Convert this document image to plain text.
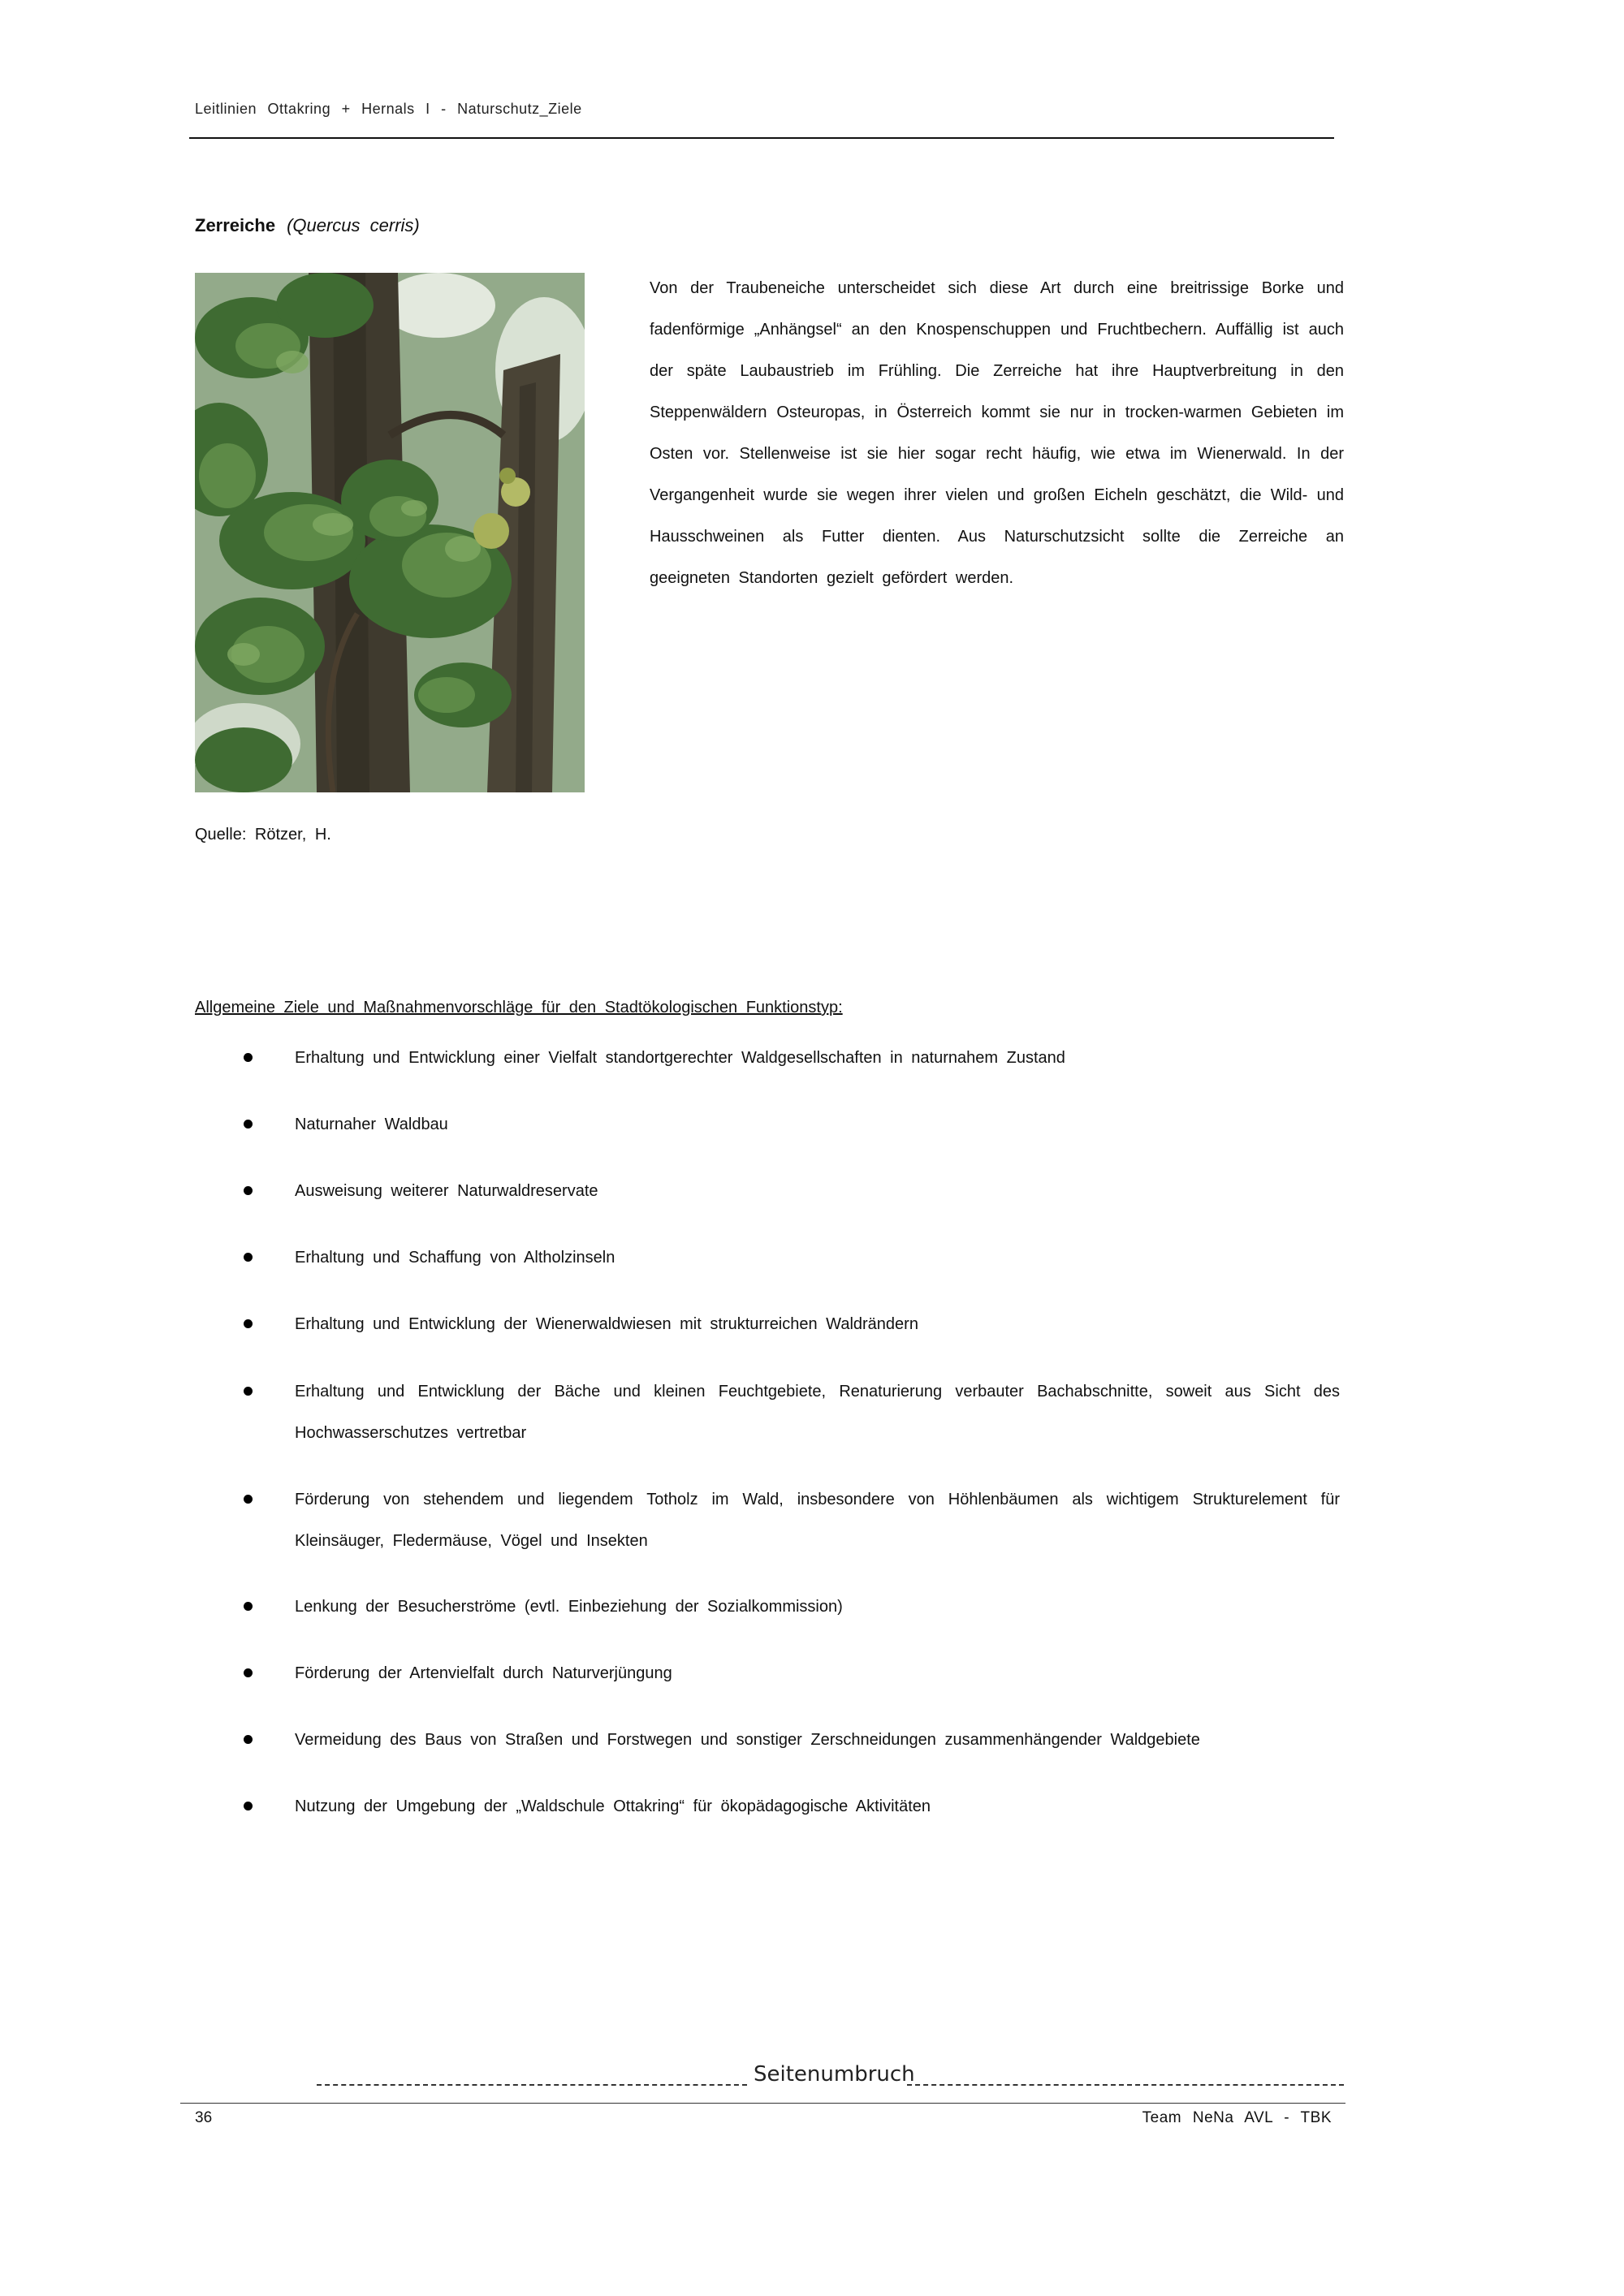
Leitlinien Ottakring + Hernals I - Naturschutz_Ziele
Zerreiche (Quercus cerris)
Von der Traubeneiche unterscheidet sich diese Art durch eine breitrissige Borke und fadenförmige „Anhängsel“ an den Knospenschuppen und Fruchtbechern. Auffällig ist auch der späte Laubaustrieb im Frühling. Die Zerreiche hat ihre Hauptverbreitung in den Steppenwäldern Osteuropas, in Österreich kommt sie nur in trocken-warmen Gebieten im Osten vor. Stellenweise ist sie hier sogar recht häufig, wie etwa im Wienerwald. In der Vergangenheit wurde sie wegen ihrer vielen und großen Eicheln geschätzt, die Wild- und Hausschweinen als Futter dienten. Aus Naturschutzsicht sollte die Zerreiche an geeigneten Standorten gezielt gefördert werden.
Quelle: Rötzer, H.
Allgemeine Ziele und Maßnahmenvorschläge für den Stadtökologischen Funktionstyp:
Erhaltung und Entwicklung einer Vielfalt standortgerechter Waldgesellschaften in naturnahem Zustand
Naturnaher Waldbau
Ausweisung weiterer Naturwaldreservate
Erhaltung und Schaffung von Altholzinseln
Erhaltung und Entwicklung der Wienerwaldwiesen mit strukturreichen Waldrändern
Erhaltung und Entwicklung der Bäche und kleinen Feuchtgebiete, Renaturierung verbauter Bachabschnitte, soweit aus Sicht des Hochwasserschutzes vertretbar
Förderung von stehendem und liegendem Totholz im Wald, insbesondere von Höhlenbäumen als wichtigem Strukturelement für Kleinsäuger, Fledermäuse, Vögel und Insekten
Lenkung der Besucherströme (evtl. Einbeziehung der Sozialkommission)
Förderung der Artenvielfalt durch Naturverjüngung
Vermeidung des Baus von Straßen und Forstwegen und sonstiger Zerschneidungen zusammenhängender Waldgebiete
Nutzung der Umgebung der „Waldschule Ottakring“ für ökopädagogische Aktivitäten
Seitenumbruch
36	Team NeNa AVL - TBK
